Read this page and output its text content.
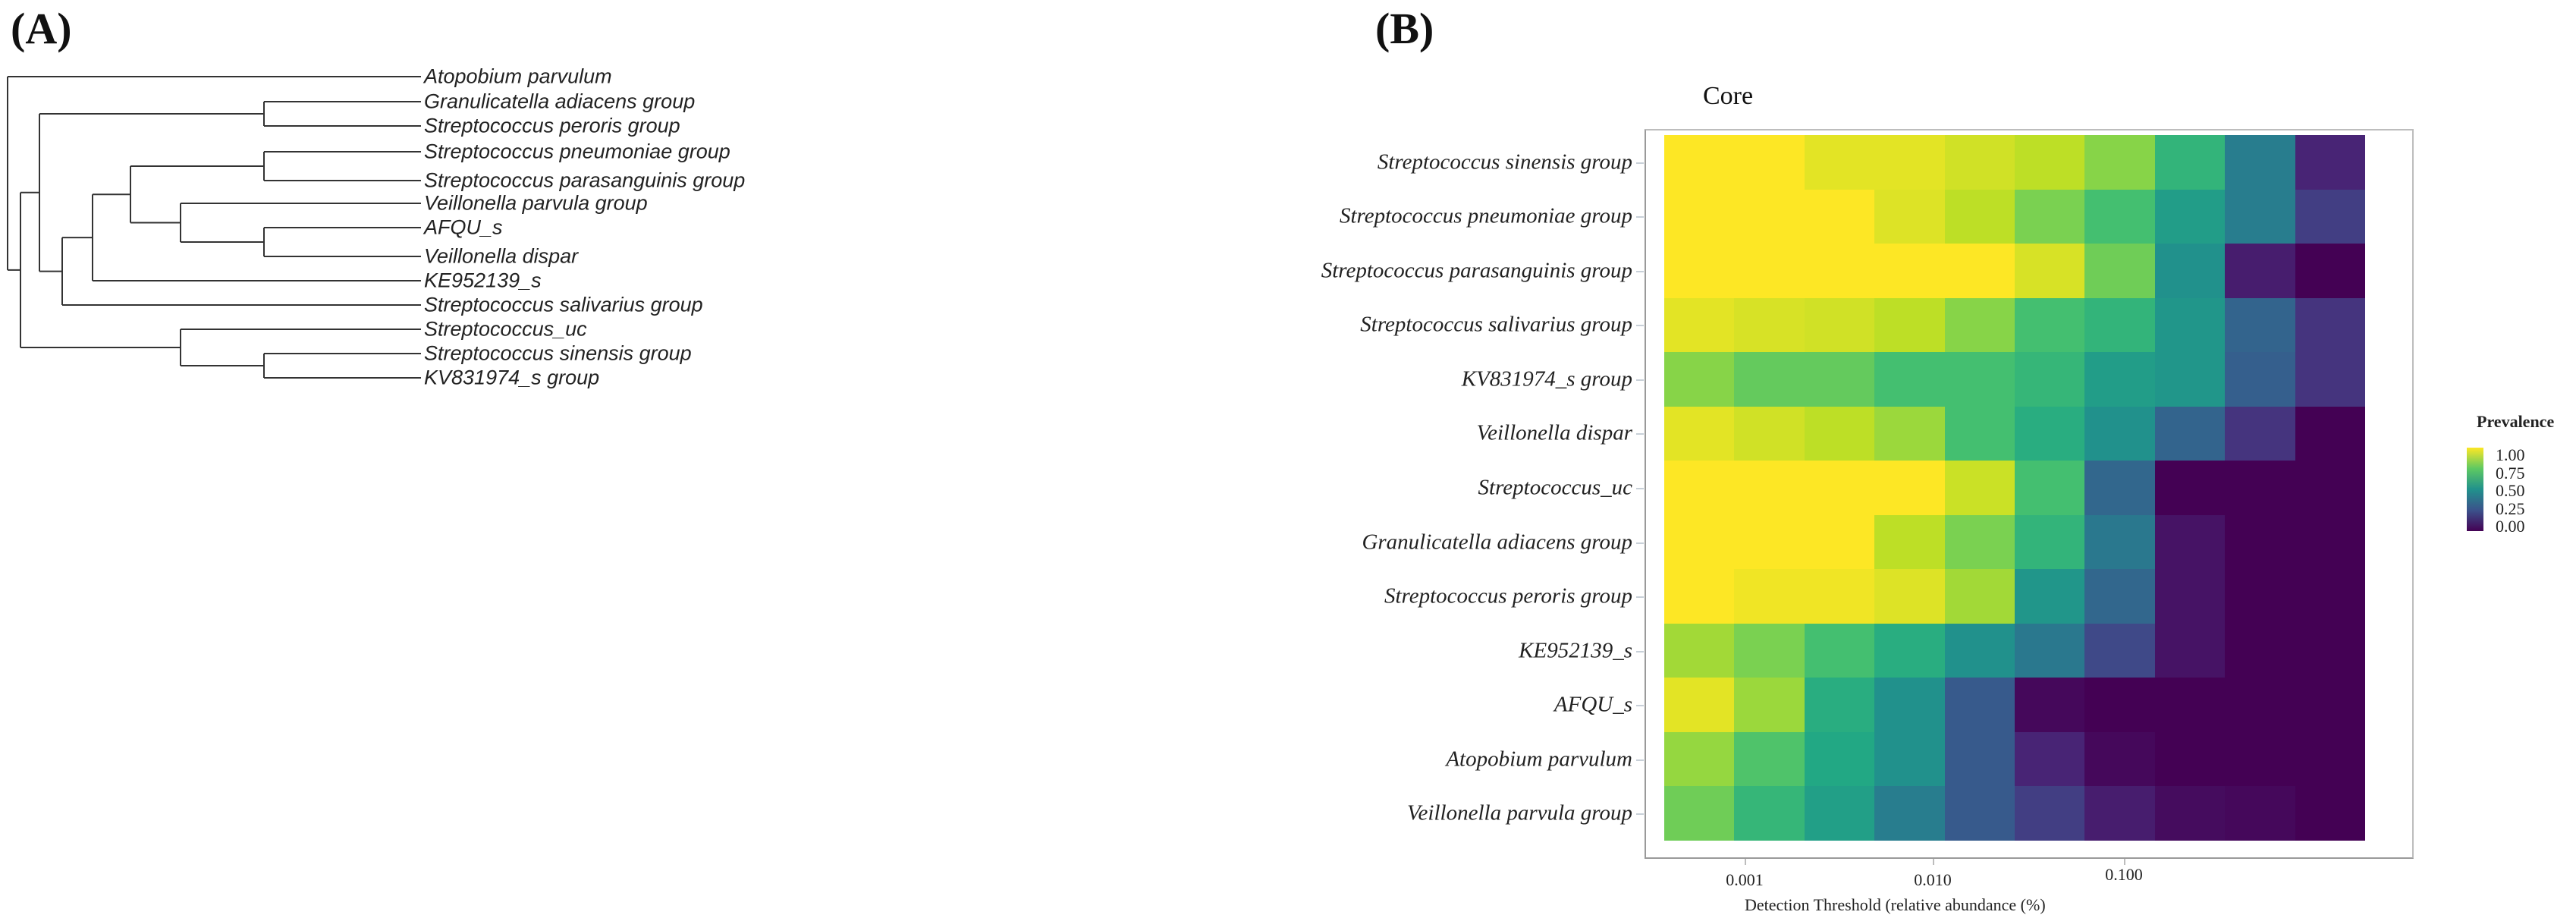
(A)	(B)
Atopobium parvulum
Granulicatella adiacens group
Streptococcus peroris group
Streptococcus pneumoniae group
Streptococcus parasanguinis group
Veillonella parvula group
AFQU_s
Veillonella dispar
KE952139_s
Streptococcus salivarius group
Streptococcus_uc
Streptococcus sinensis group
KV831974_s group
Core
Streptococcus sinensis group
Streptococcus pneumoniae group
Streptococcus parasanguinis group
Streptococcus salivarius group
KV831974_s group
Veillonella dispar
Streptococcus_uc
Granulicatella adiacens group
Streptococcus peroris group
KE952139_s
AFQU_s
Atopobium parvulum
Veillonella parvula group
0.001	0.010	0.100
Detection Threshold (relative abundance (%)
Prevalence
1.00
0.75
0.50
0.25
0.00
